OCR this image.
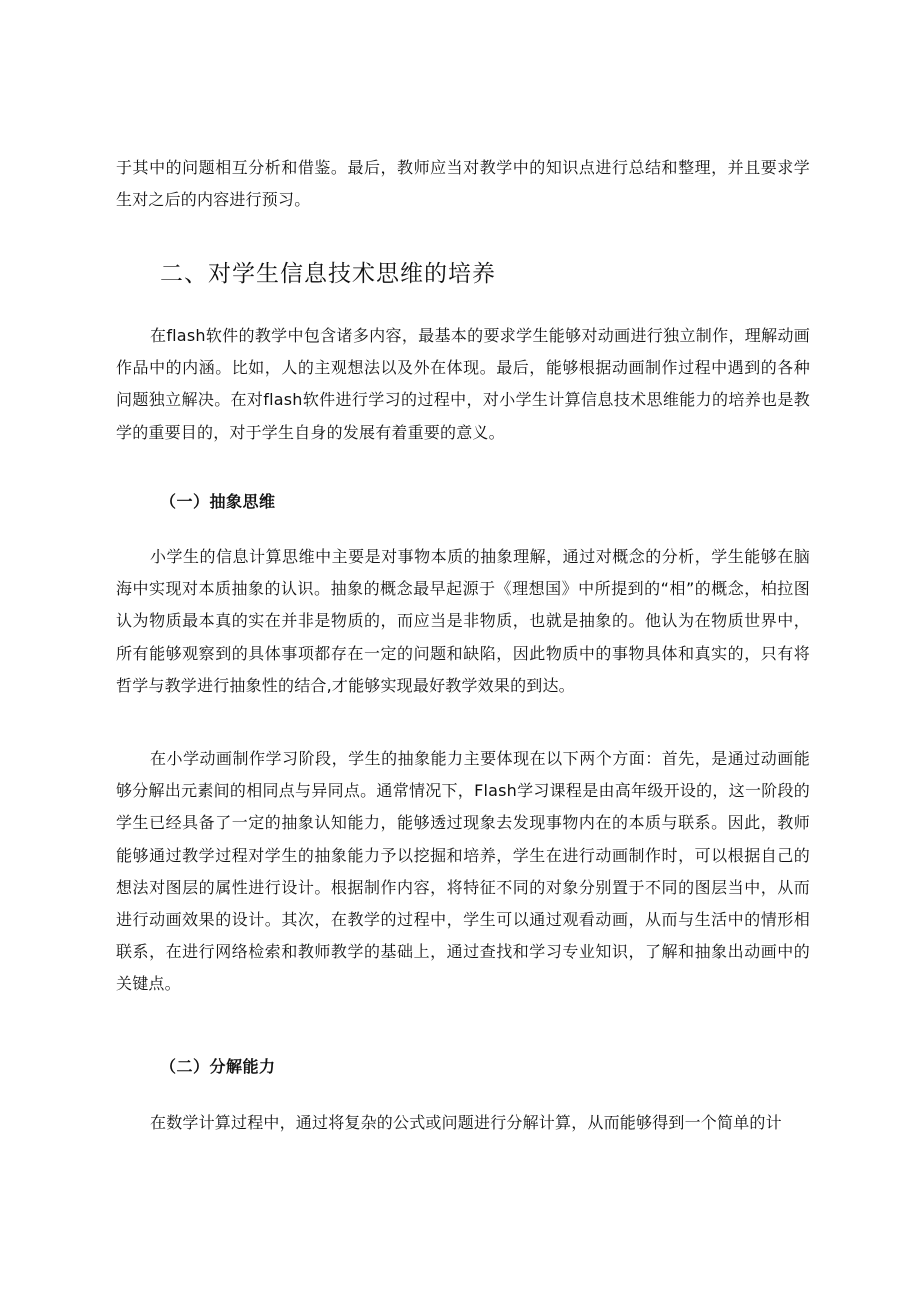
于其中的问题相互分析和借鉴。最后，教师应当对教学中的知识点进行总结和整理，并且要求学生对之后的内容进行预习。

二、对学生信息技术思维的培养

在flash软件的教学中包含诸多内容，最基本的要求学生能够对动画进行独立制作，理解动画作品中的内涵。比如，人的主观想法以及外在体现。最后，能够根据动画制作过程中遇到的各种问题独立解决。在对flash软件进行学习的过程中，对小学生计算信息技术思维能力的培养也是教学的重要目的，对于学生自身的发展有着重要的意义。

（一）抽象思维

小学生的信息计算思维中主要是对事物本质的抽象理解，通过对概念的分析，学生能够在脑海中实现对本质抽象的认识。抽象的概念最早起源于《理想国》中所提到的“相”的概念，柏拉图认为物质最本真的实在并非是物质的，而应当是非物质，也就是抽象的。他认为在物质世界中，所有能够观察到的具体事项都存在一定的问题和缺陷，因此物质中的事物具体和真实的，只有将哲学与教学进行抽象性的结合,才能够实现最好教学效果的到达。

在小学动画制作学习阶段，学生的抽象能力主要体现在以下两个方面：首先，是通过动画能够分解出元素间的相同点与异同点。通常情况下，Flash学习课程是由高年级开设的，这一阶段的学生已经具备了一定的抽象认知能力，能够透过现象去发现事物内在的本质与联系。因此，教师能够通过教学过程对学生的抽象能力予以挖掘和培养，学生在进行动画制作时，可以根据自己的想法对图层的属性进行设计。根据制作内容，将特征不同的对象分别置于不同的图层当中，从而进行动画效果的设计。其次，在教学的过程中，学生可以通过观看动画，从而与生活中的情形相联系，在进行网络检索和教师教学的基础上，通过查找和学习专业知识，了解和抽象出动画中的关键点。

（二）分解能力

在数学计算过程中，通过将复杂的公式或问题进行分解计算，从而能够得到一个简单的计
